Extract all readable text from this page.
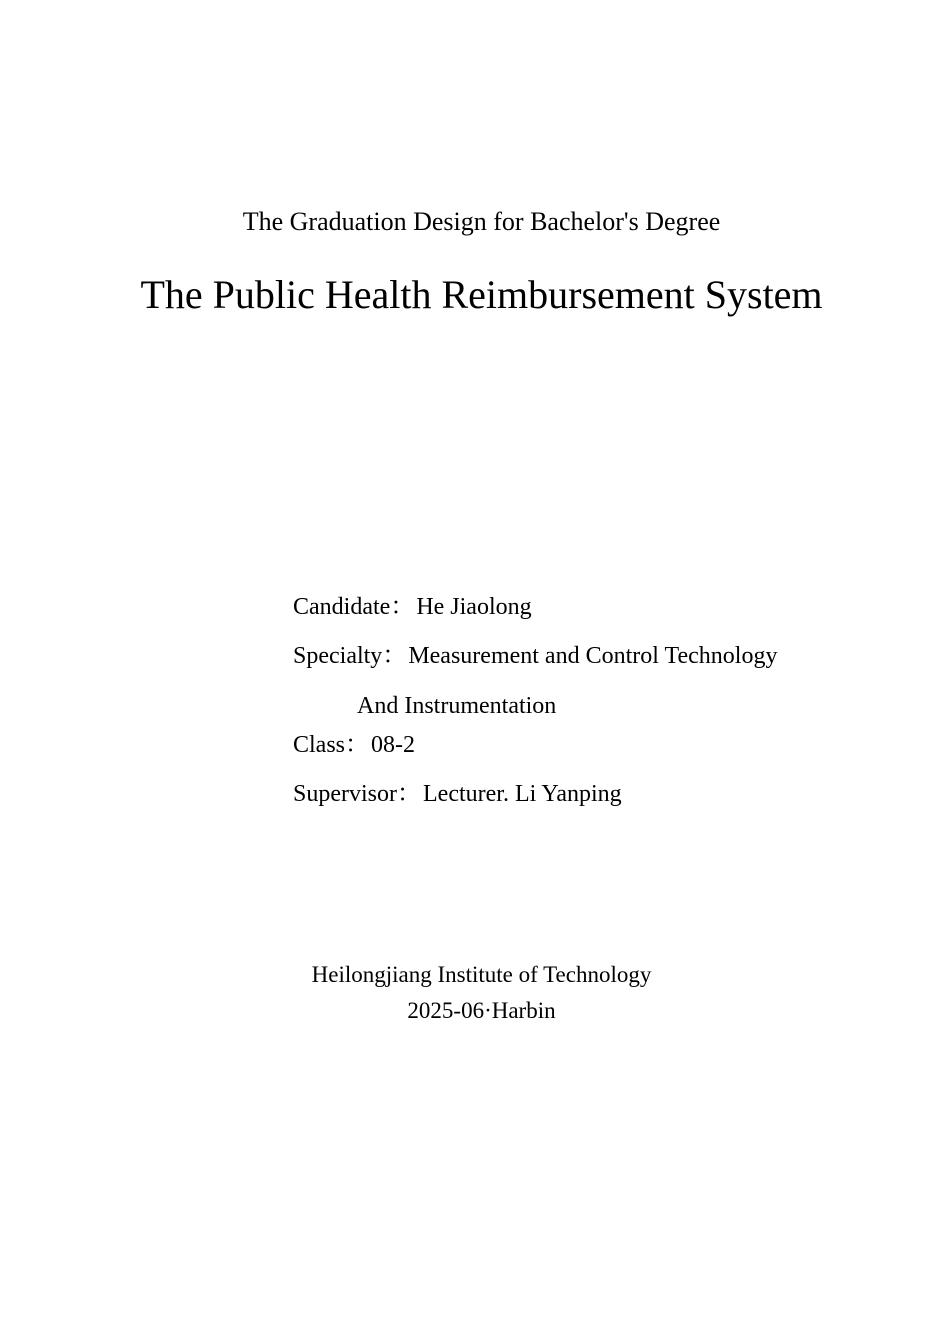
The Graduation Design for Bachelor's Degree
The Public Health Reimbursement System
Candidate：He Jiaolong
Specialty：Measurement and Control Technology
And Instrumentation
Class：08-2
Supervisor：Lecturer. Li Yanping
Heilongjiang Institute of Technology
2025-06·Harbin
